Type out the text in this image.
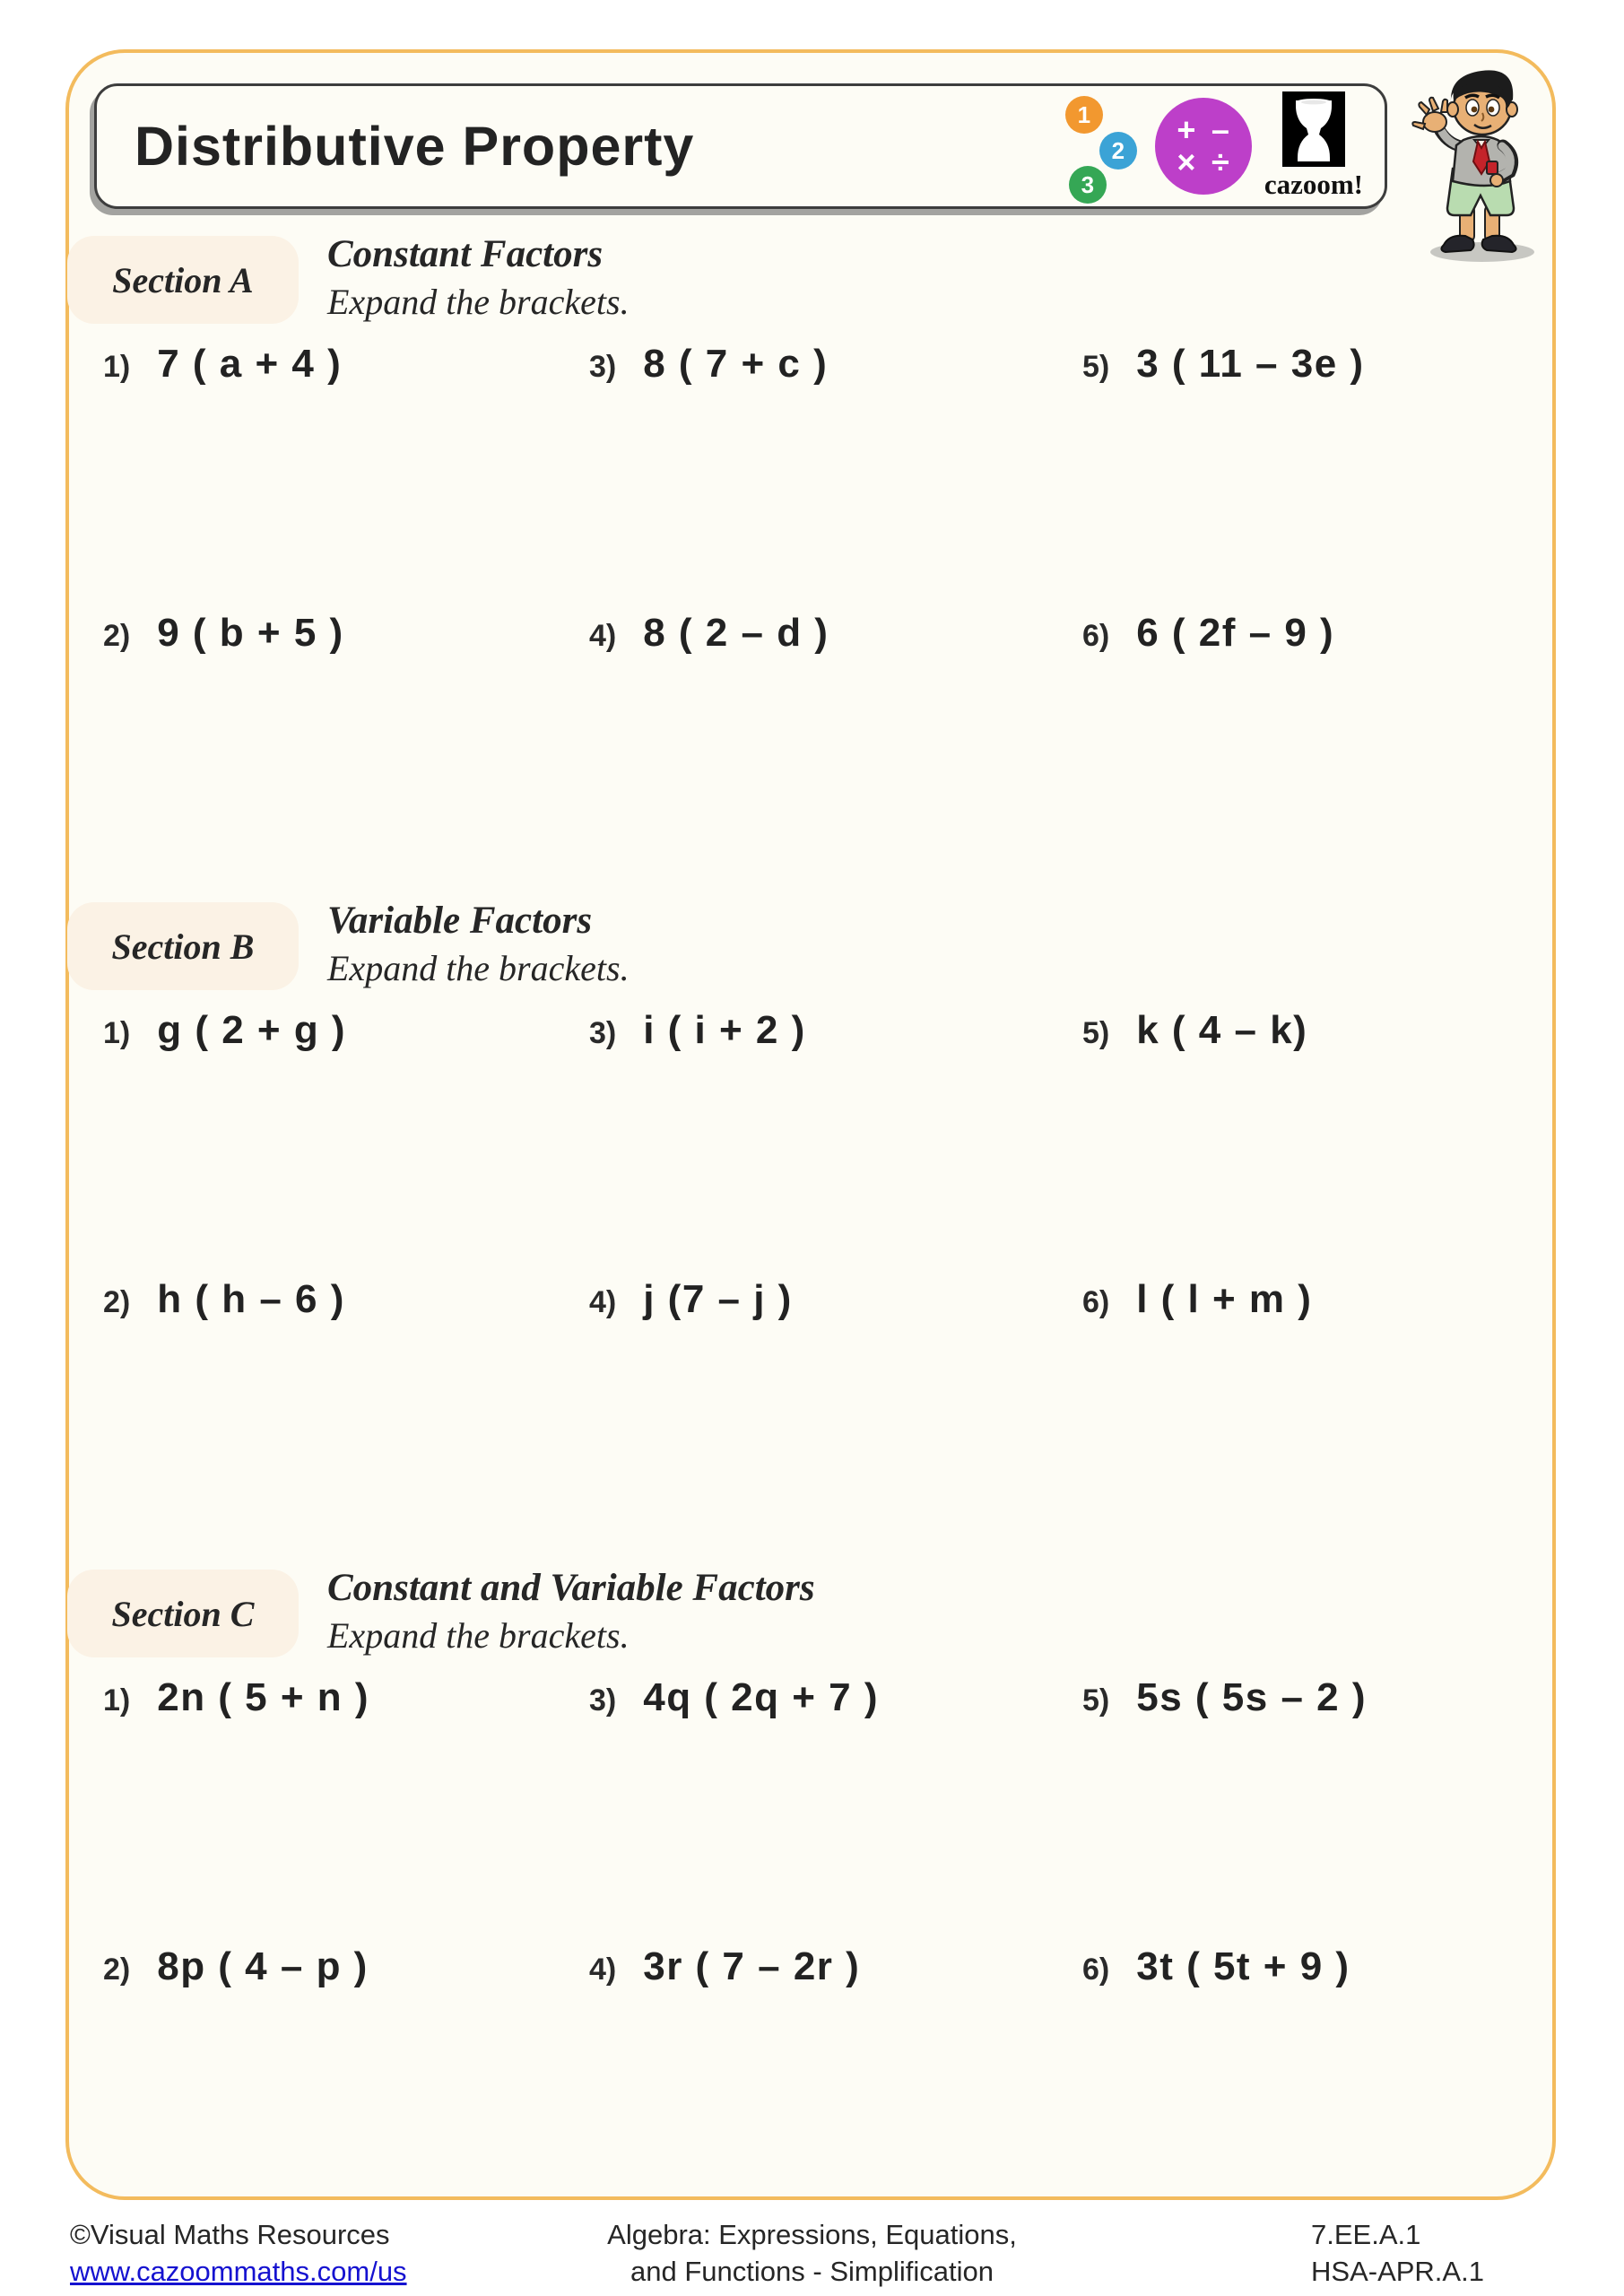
Distributive Property
1
2
3
+ –
× ÷
cazoom!
Section A
Constant Factors
Expand the brackets.
1) 7 ( a + 4 )	3) 8 ( 7 + c )	5) 3 ( 11 – 3e )
2) 9 ( b + 5 )	4) 8 ( 2 – d )	6) 6 ( 2f – 9 )
Section B
Variable Factors
Expand the brackets.
1) g ( 2 + g )	3) i ( i + 2 )	5) k ( 4 – k)
2) h ( h – 6 )	4) j (7 – j )	6) l ( l + m )
Section C
Constant and Variable Factors
Expand the brackets.
1) 2n ( 5 + n )	3) 4q ( 2q + 7 )	5) 5s ( 5s – 2 )
2) 8p ( 4 – p )	4) 3r ( 7 – 2r )	6) 3t ( 5t + 9 )
©Visual Maths Resources
www.cazoommaths.com/us
Algebra: Expressions, Equations,
and Functions - Simplification
7.EE.A.1
HSA-APR.A.1
